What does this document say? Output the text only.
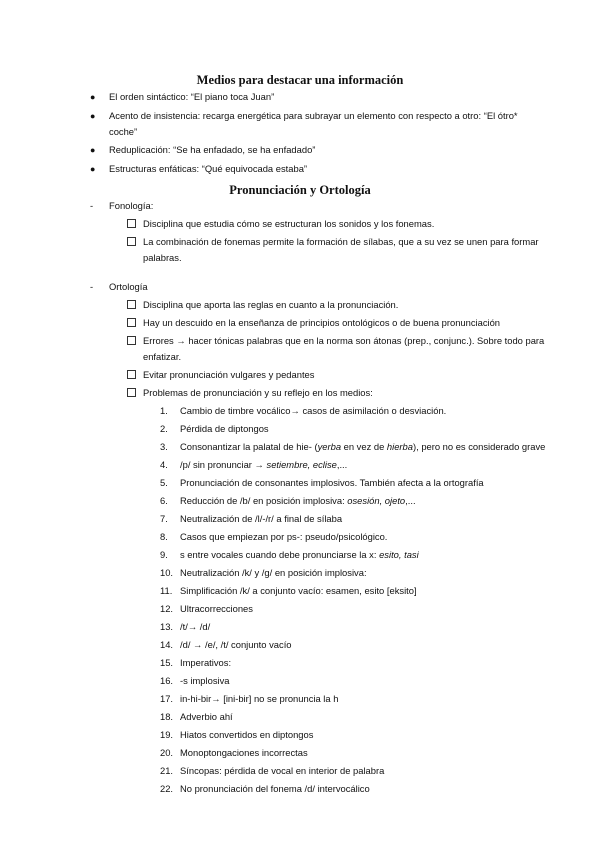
Medios para destacar una información
● El orden sintáctico: “El piano toca Juan”
● Acento de insistencia: recarga energética para subrayar un elemento con respecto a otro: “El ótro* coche”
● Reduplicación: “Se ha enfadado, se ha enfadado”
● Estructuras enfáticas: “Qué equivocada estaba”
Pronunciación y Ortología
- Fonología:
Disciplina que estudia cómo se estructuran los sonidos y los fonemas.
La combinación de fonemas permite la formación de sílabas, que a su vez se unen para formar palabras.
- Ortología
Disciplina que aporta las reglas en cuanto a la pronunciación.
Hay un descuido en la enseñanza de principios ontológicos o de buena pronunciación
Errores → hacer tónicas palabras que en la norma son átonas (prep., conjunc.). Sobre todo para enfatizar.
Evitar pronunciación vulgares y pedantes
Problemas de pronunciación y su reflejo en los medios:
1. Cambio de timbre vocálico→ casos de asimilación o desviación.
2. Pérdida de diptongos
3. Consonantizar la palatal de hie- (yerba en vez de hierba), pero no es considerado grave
4. /p/ sin pronunciar → setiembre, eclise,...
5. Pronunciación de consonantes implosivos. También afecta a la ortografía
6. Reducción de /b/ en posición implosiva: osesión, ojeto,...
7. Neutralización de /l/-/r/ a final de sílaba
8. Casos que empiezan por ps-: pseudo/psicológico.
9. s entre vocales cuando debe pronunciarse la x: esito, tasi
10. Neutralización /k/ y /g/ en posición implosiva:
11. Simplificación /k/ a conjunto vacío: esamen, esito [eksito]
12. Ultracorrecciones
13. /t/→ /d/
14. /d/ → /e/, /t/ conjunto vacío
15. Imperativos:
16. -s implosiva
17. in-hi-bir→ [ini-bir] no se pronuncia la h
18. Adverbio ahí
19. Hiatos convertidos en diptongos
20. Monoptongaciones incorrectas
21. Síncopas: pérdida de vocal en interior de palabra
22. No pronunciación del fonema /d/ intervocálico
